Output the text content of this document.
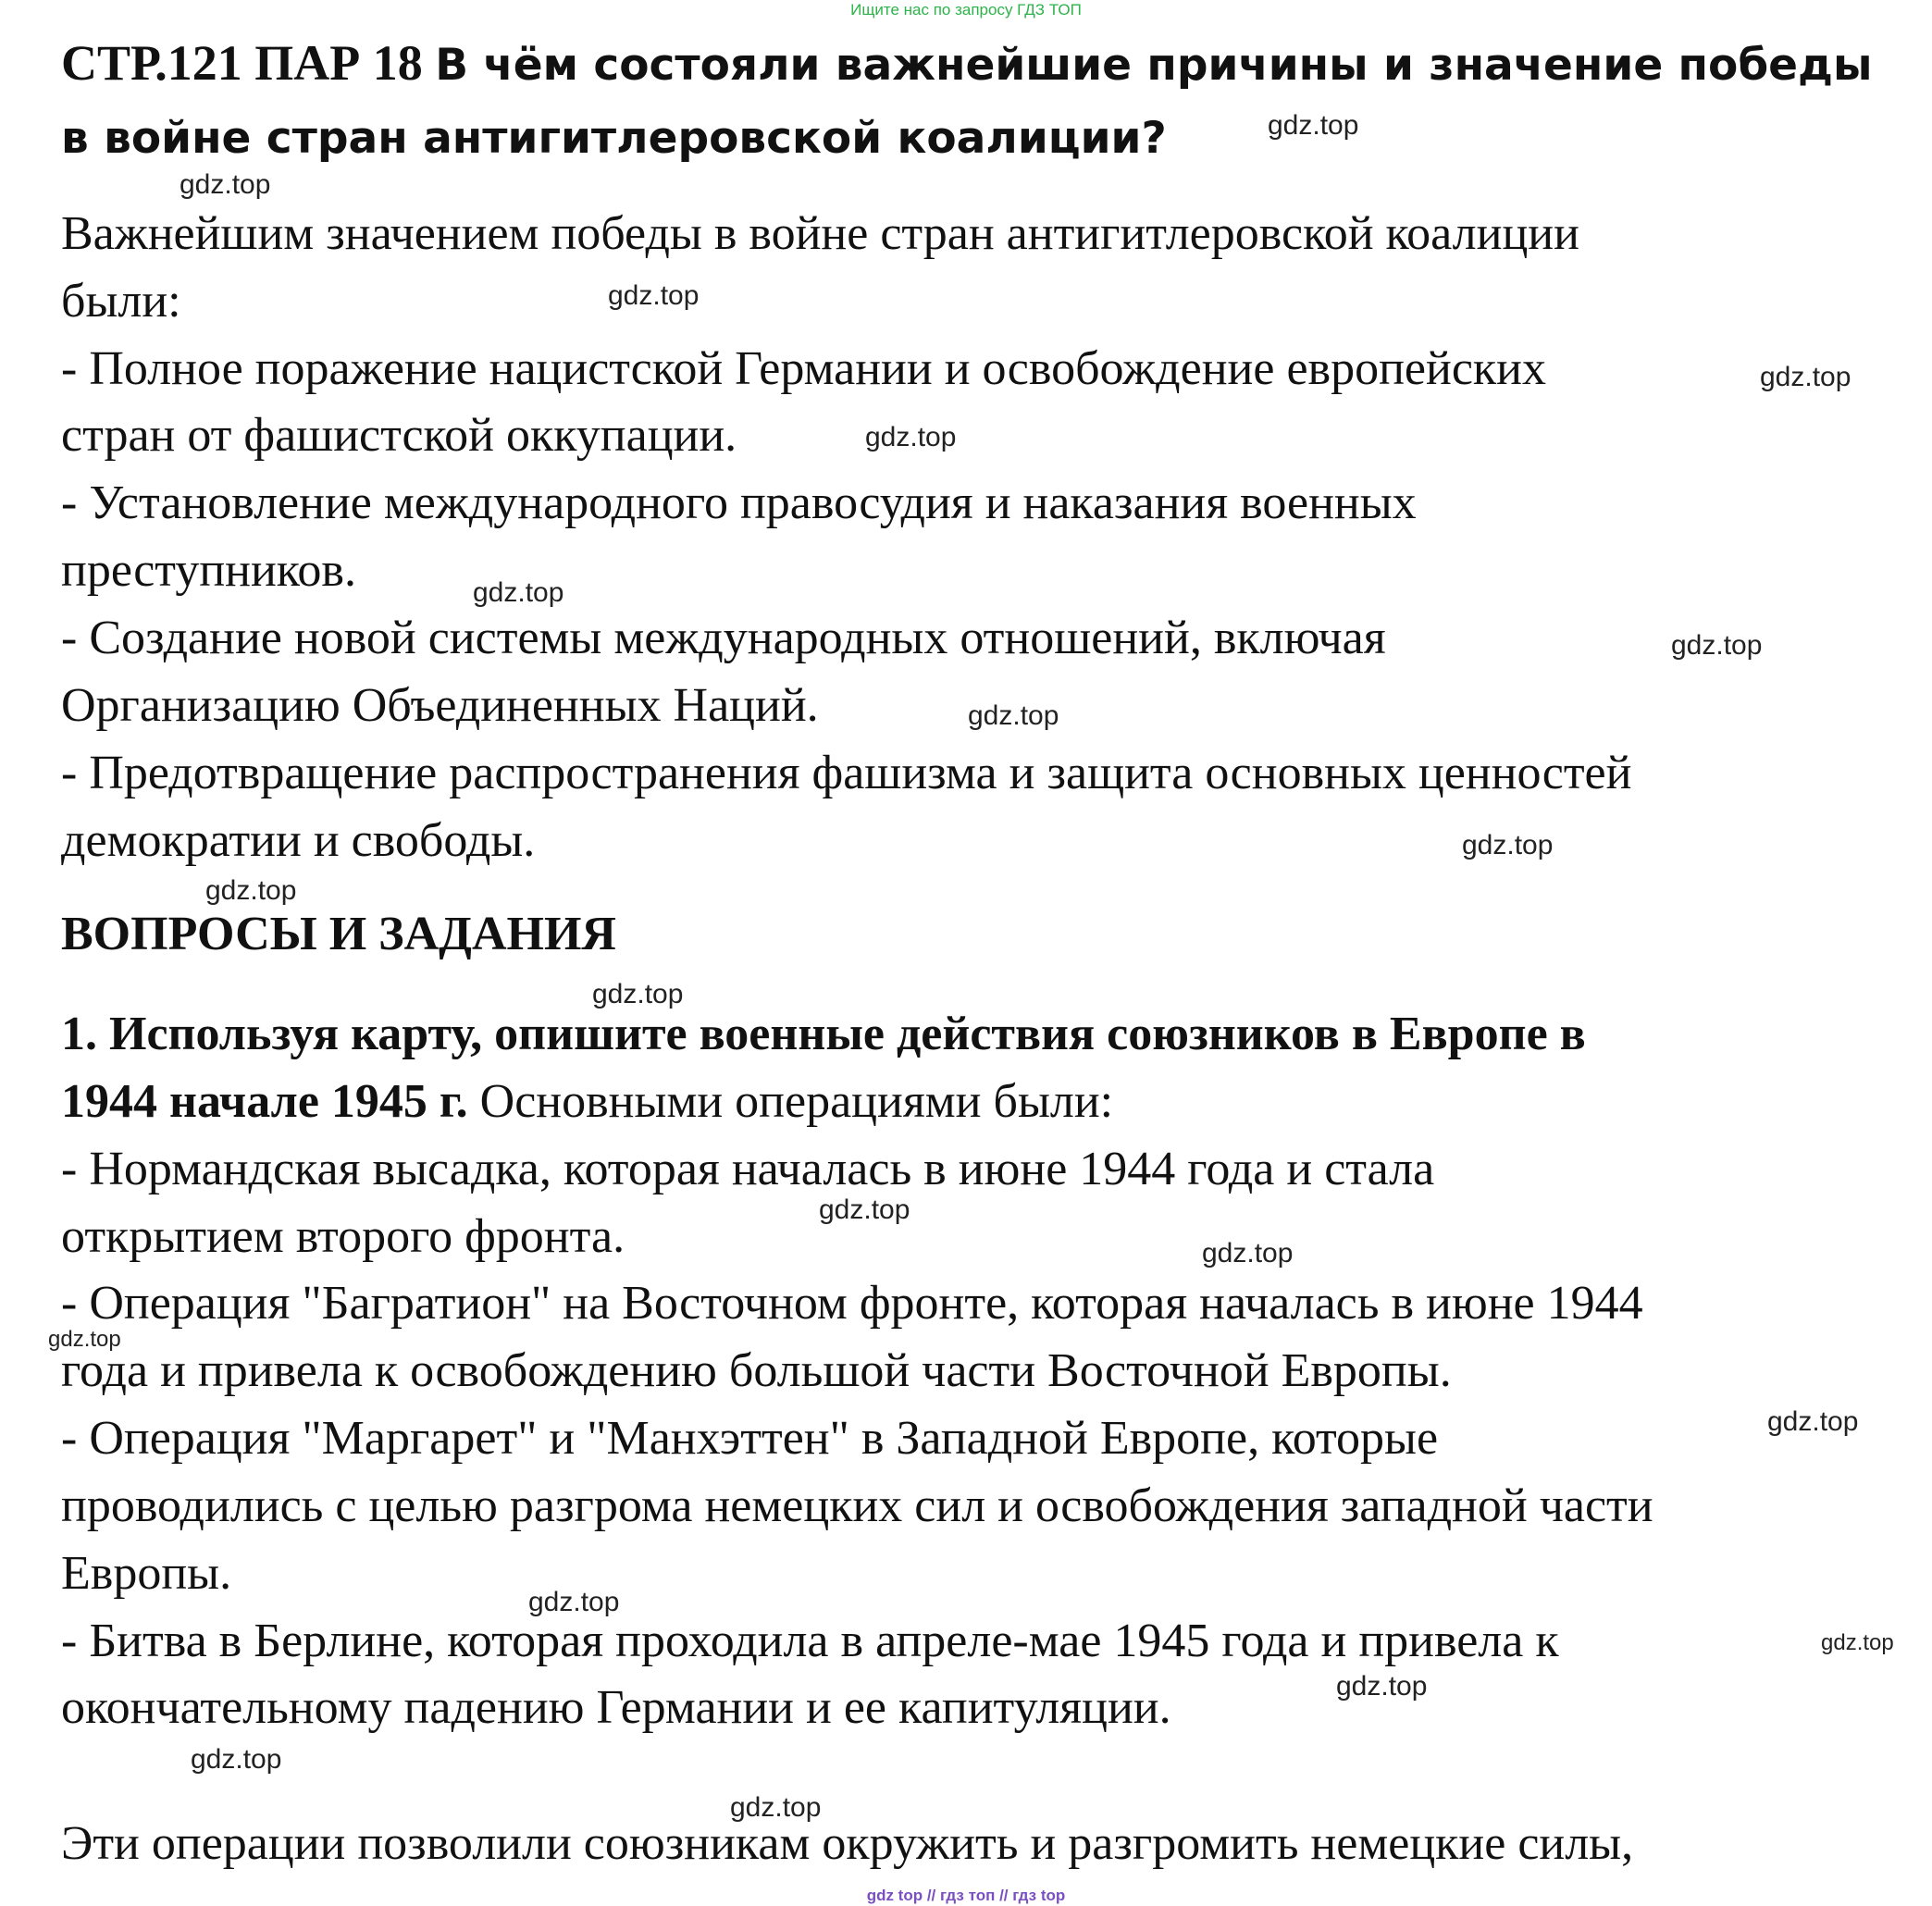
Ищите нас по запросу ГДЗ ТОП
СТР.121 ПАР 18 В чём состояли важнейшие причины и значение победы в войне стран антигитлеровской коалиции?
Важнейшим значением победы в войне стран антигитлеровской коалиции
были:
- Полное поражение нацистской Германии и освобождение европейских
стран от фашистской оккупации.
- Установление международного правосудия и наказания военных
преступников.
- Создание новой системы международных отношений, включая
Организацию Объединенных Наций.
- Предотвращение распространения фашизма и защита основных ценностей
демократии и свободы.
ВОПРОСЫ И ЗАДАНИЯ
1. Используя карту, опишите военные действия союзников в Европе в
1944 начале 1945 г. Основными операциями были:
- Нормандская высадка, которая началась в июне 1944 года и стала
открытием второго фронта.
- Операция "Багратион" на Восточном фронте, которая началась в июне 1944
года и привела к освобождению большой части Восточной Европы.
- Операция "Маргарет" и "Манхэттен" в Западной Европе, которые
проводились с целью разгрома немецких сил и освобождения западной части
Европы.
- Битва в Берлине, которая проходила в апреле-мае 1945 года и привела к
окончательному падению Германии и ее капитуляции.
Эти операции позволили союзникам окружить и разгромить немецкие силы,
gdz.top
gdz.top
gdz.top
gdz.top
gdz.top
gdz.top
gdz.top
gdz.top
gdz.top
gdz.top
gdz.top
gdz.top
gdz.top
gdz.top
gdz.top
gdz.top
gdz.top
gdz.top
gdz.top
gdz.top
gdz top // гдз топ // гдз top
